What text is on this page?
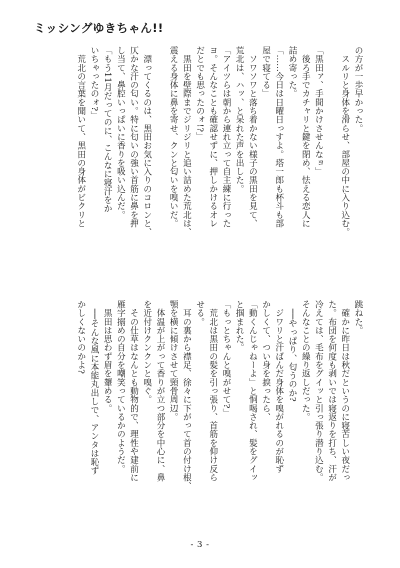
ミッシングゆきちゃん!!
の方が一歩早かった。
　スルリと身体を滑らせ、部屋の中に入り込む。

「黒田ァ、手間かけさせんなョ」
　後ろ手でカチャリと鍵を閉め、怯える恋人に
詰め寄った。
「……今日は日曜日っすよ。塔一郎も杯斗も部
屋で寝てる」
　ソワソワと落ち着かない様子の黒田を見て、
荒北は、ハッ、と呆れた声を出した。
「アイツらは朝から連れ立って自主練に行った
ヨ。そんなことも確認せずに、押しかけるオレ
だとでも思ったのォ!?」
　黒田を壁際までジリジリと追い詰めた荒北は、
震える身体に鼻を寄せ、クンと匂いを嗅いだ。

　漂ってくるのは、黒田お気に入りのコロンと、
仄かな汗の匂い。特に匂いの強い首筋に鼻を押
し当て、鼻腔いっぱいに香りを吸い込んだ。
「もう11月だってのに、こんなに寝汗をか
いちゃったのォ?」
　荒北の言葉を聞いて、黒田の身体がビクリと
跳ねた。
　確かに昨日は秋だというのに寝苦しい夜だっ
た。布団を何度も剥いでは寝返りを打ち、汗が
冷えては、毛布をグイッと引っ張り潜り込む。
そんなことの繰り返しだった。
　──やっぱり、匂うのか?
　ジワリと汗ばんだ身体を嗅がれるのが恥ず
かしくて、つい身を捩ったら、
「動くんじゃねーよ」と恫喝され、髪をグイッ
と掴まれた。
「もっとちゃんと嗅がせて?」
　荒北は黒田の髪を引っ張り、首筋を仰け反ら
せる。
　耳の裏から襟足、徐々に下がって首の付け根、
顎を横に傾けさせて頸骨周辺。
　体温が上がって香りが立つ部分を中心に、鼻
を近付けクンクンと嗅ぐ。
　その仕草はなんとも動物的で、理性や建前に
雁字搦めの自分を嘲笑っているかのようだ。
　黒田は思わず眉を顰める。
　──そんな風に本能丸出しで、アンタは恥ず
かしくないのかよ?
- 3 -
